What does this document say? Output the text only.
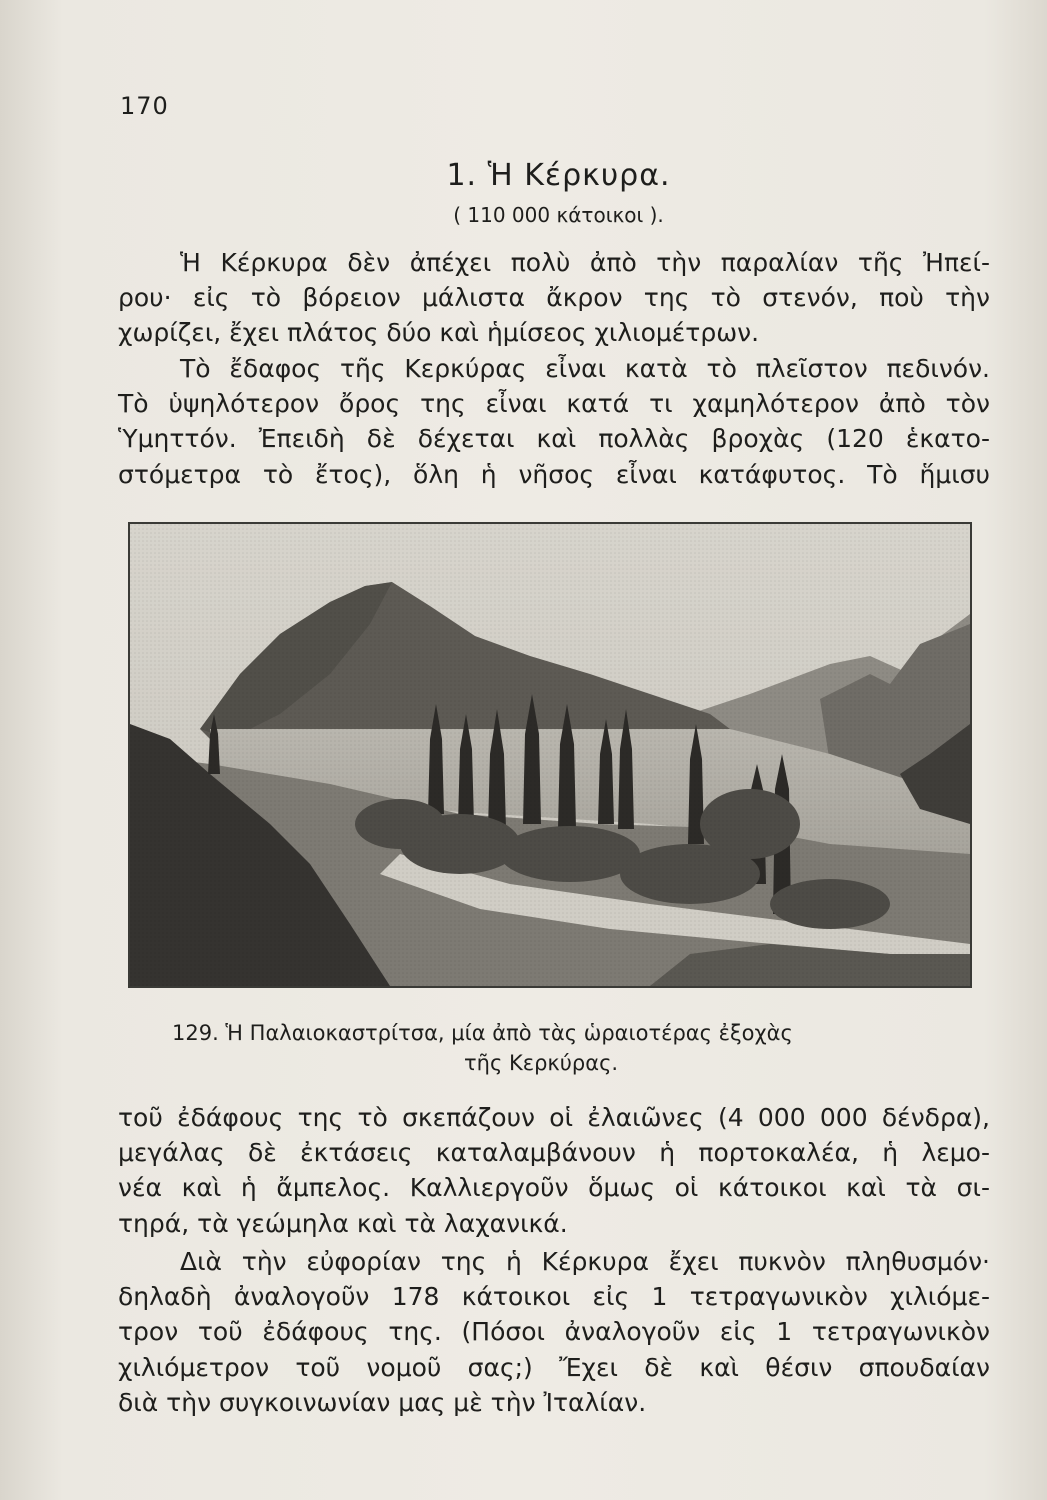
170
1. Ἡ Κέρκυρα.
( 110 000 κάτοικοι ).
Ἡ Κέρκυρα δὲν ἀπέχει πολὺ ἀπὸ τὴν παραλίαν τῆς Ἠπεί-
ρου· εἰς τὸ βόρειον μάλιστα ἄκρον της τὸ στενόν, ποὺ τὴν
χωρίζει, ἔχει πλάτος δύο καὶ ἡμίσεος χιλιομέτρων.
Τὸ ἔδαφος τῆς Κερκύρας εἶναι κατὰ τὸ πλεῖστον πεδινόν.
Τὸ ὑψηλότερον ὄρος της εἶναι κατά τι χαμηλότερον ἀπὸ τὸν
Ὑμηττόν. Ἐπειδὴ δὲ δέχεται καὶ πολλὰς βροχὰς (120 ἑκατο-
στόμετρα τὸ ἔτος), ὅλη ἡ νῆσος εἶναι κατάφυτος. Τὸ ἥμισυ
129. Ἡ Παλαιοκαστρίτσα, μία ἀπὸ τὰς ὡραιοτέρας ἐξοχὰς
τῆς Κερκύρας.
τοῦ ἐδάφους της τὸ σκεπάζουν οἱ ἐλαιῶνες (4 000 000 δένδρα),
μεγάλας δὲ ἐκτάσεις καταλαμβάνουν ἡ πορτοκαλέα, ἡ λεμο-
νέα καὶ ἡ ἄμπελος. Καλλιεργοῦν ὅμως οἱ κάτοικοι καὶ τὰ σι-
τηρά, τὰ γεώμηλα καὶ τὰ λαχανικά.
Διὰ τὴν εὐφορίαν της ἡ Κέρκυρα ἔχει πυκνὸν πληθυσμόν·
δηλαδὴ ἀναλογοῦν 178 κάτοικοι εἰς 1 τετραγωνικὸν χιλιόμε-
τρον τοῦ ἐδάφους της. (Πόσοι ἀναλογοῦν εἰς 1 τετραγωνικὸν
χιλιόμετρον τοῦ νομοῦ σας;) Ἔχει δὲ καὶ θέσιν σπουδαίαν
διὰ τὴν συγκοινωνίαν μας μὲ τὴν Ἰταλίαν.
